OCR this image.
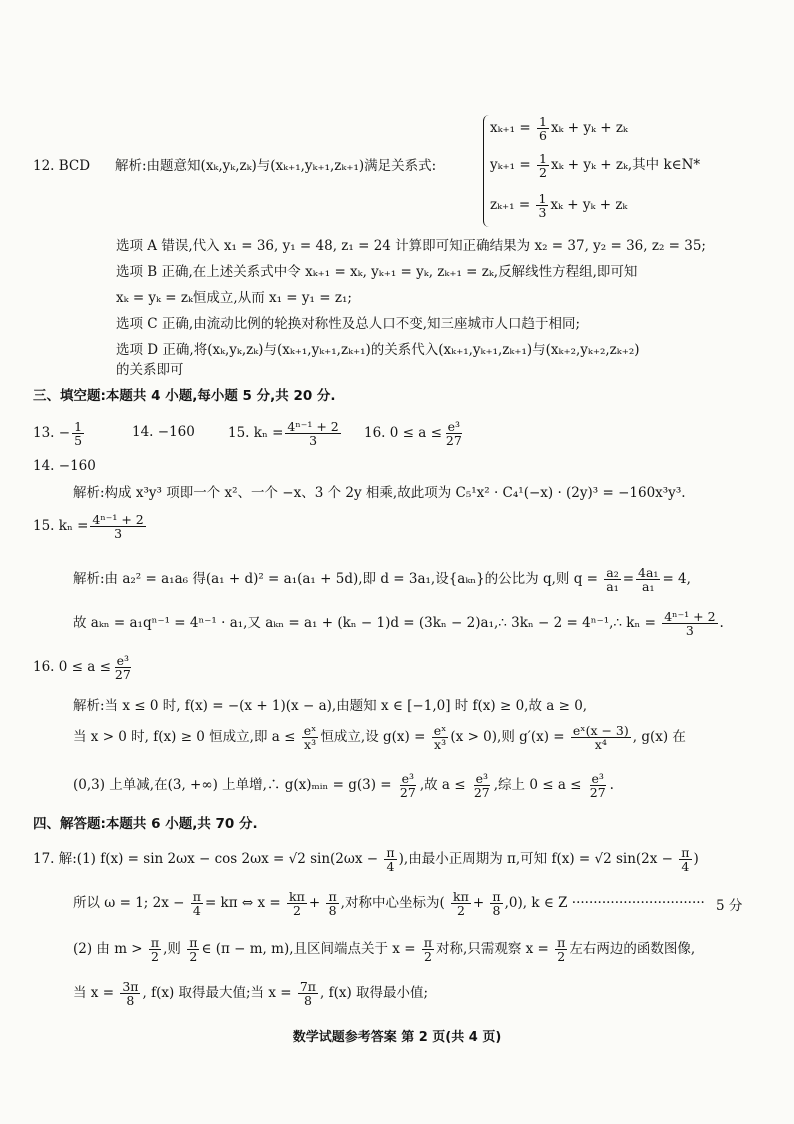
12. BCD 解析:由题意知(xₖ,yₖ,zₖ)与(xₖ₊₁,yₖ₊₁,zₖ₊₁)满足关系式:
$x_{k+1} = \frac{1}{6}$ xₖ + yₖ + zₖ
$y_{k+1} = \frac{1}{2}$ xₖ + yₖ + zₖ,其中 k∈N*
$z_{k+1} = \frac{1}{3}$ xₖ + yₖ + zₖ
选项 A 错误,代入 x₁ = 36, y₁ = 48, z₁ = 24 计算即可知正确结果为 x₂ = 37, y₂ = 36, z₂ = 35;
选项 B 正确,在上述关系式中令 xₖ₊₁ = xₖ, yₖ₊₁ = yₖ, zₖ₊₁ = zₖ,反解线性方程组,即可知
xₖ = yₖ = zₖ恒成立,从而 x₁ = y₁ = z₁;
选项 C 正确,由流动比例的轮换对称性及总人口不变,知三座城市人口趋于相同;
选项 D 正确,将(xₖ,yₖ,zₖ)与(xₖ₊₁,yₖ₊₁,zₖ₊₁)的关系代入(xₖ₊₁,yₖ₊₁,zₖ₊₁)与(xₖ₊₂,yₖ₊₂,zₖ₊₂)
的关系即可
三、填空题:本题共 4 小题,每小题 5 分,共 20 分.
13. − $\frac{1}{5}$	14. −160 15. $k_n = \frac{\text{4ⁿ⁻¹ + 2}}{3} 16$. $0 \le a \le \frac{\text{e³}}{27}$
14. −160
解析:构成 x³y³ 项即一个 x²、一个 −x、3 个 2y 相乘,故此项为 C₅¹x² · C₄¹(−x) · (2y)³ = −160x³y³.
15. $k_n = \frac{\text{4ⁿ⁻¹ + 2}}{3}$
解析:由 a₂² = a₁a₆ 得(a₁ + d)² = a₁(a₁ + 5d),即 d = 3a₁,设{aₖₙ}的公比为 q,则 $q = \frac{\text{a₂}}{\text{a₁}} = \frac{\text{4a₁}}{\text{a₁}} = 4$,
故 aₖₙ = a₁qⁿ⁻¹ = 4ⁿ⁻¹ · a₁,又 aₖₙ = a₁ + (kₙ − 1)d = (3kₙ − 2)a₁,∴ 3kₙ − 2 = 4ⁿ⁻¹,∴ $k_n = \frac{\text{4ⁿ⁻¹ + 2}}{3}$ .
16. $0 \le a \le \frac{\text{e³}}{27}$
解析:当 x ≤ 0 时, f(x) = −(x + 1)(x − a),由题知 x ∈ [−1,0] 时 f(x) ≥ 0,故 a ≥ 0,
当 x > 0 时, f(x) ≥ 0 恒成立,即 $a \le \frac{\text{eˣ}}{\text{x³}}$ 恒成立,设 $g(x) = \frac{\text{eˣ}}{\text{x³}} (x > 0)$,则 $g'(x) = \frac{\text{eˣ(x − 3)}}{\text{x⁴}}$ , g(x) 在
(0,3) 上单减,在(3, +∞) 上单增,∴ g(x)ₘᵢₙ = $g(3) = \frac{\text{e³}}{27}$ ,故 $a \le \frac{\text{e³}}{27}$ ,综上 $0 \le a \le \frac{\text{e³}}{27}$ .
四、解答题:本题共 6 小题,共 70 分.
17. 解:(1) f(x) = sin 2ωx − cos 2ωx = √2 $\sin(2\omega x - \frac{\pi}{4}$ ),由最小正周期为 π,可知 f(x) = √2 $\sin(2x - \frac{\pi}{4}$ )
所以 ω = 1; $2x - \frac{\pi}{4} = k\pi$ ⇔ $x = \frac{k\pi}{2} + \frac{\pi}{8}$ ,对称中心坐标为( $\frac{k\pi}{2} + \frac{\pi}{8} ,0$), k ∈ Z ······························· 5 分
(2) 由 $m > \frac{\pi}{2}$ ,则 $\frac{\pi}{2}$ ∈ (π − m, m),且区间端点关于 $x = \frac{\pi}{2}$ 对称,只需观察 $x = \frac{\pi}{2}$ 左右两边的函数图像,
当 $x = \frac{3\pi}{8}$ , f(x) 取得最大值;当 $x = \frac{7\pi}{8}$ , f(x) 取得最小值;
数学试题参考答案 第 2 页(共 4 页)
